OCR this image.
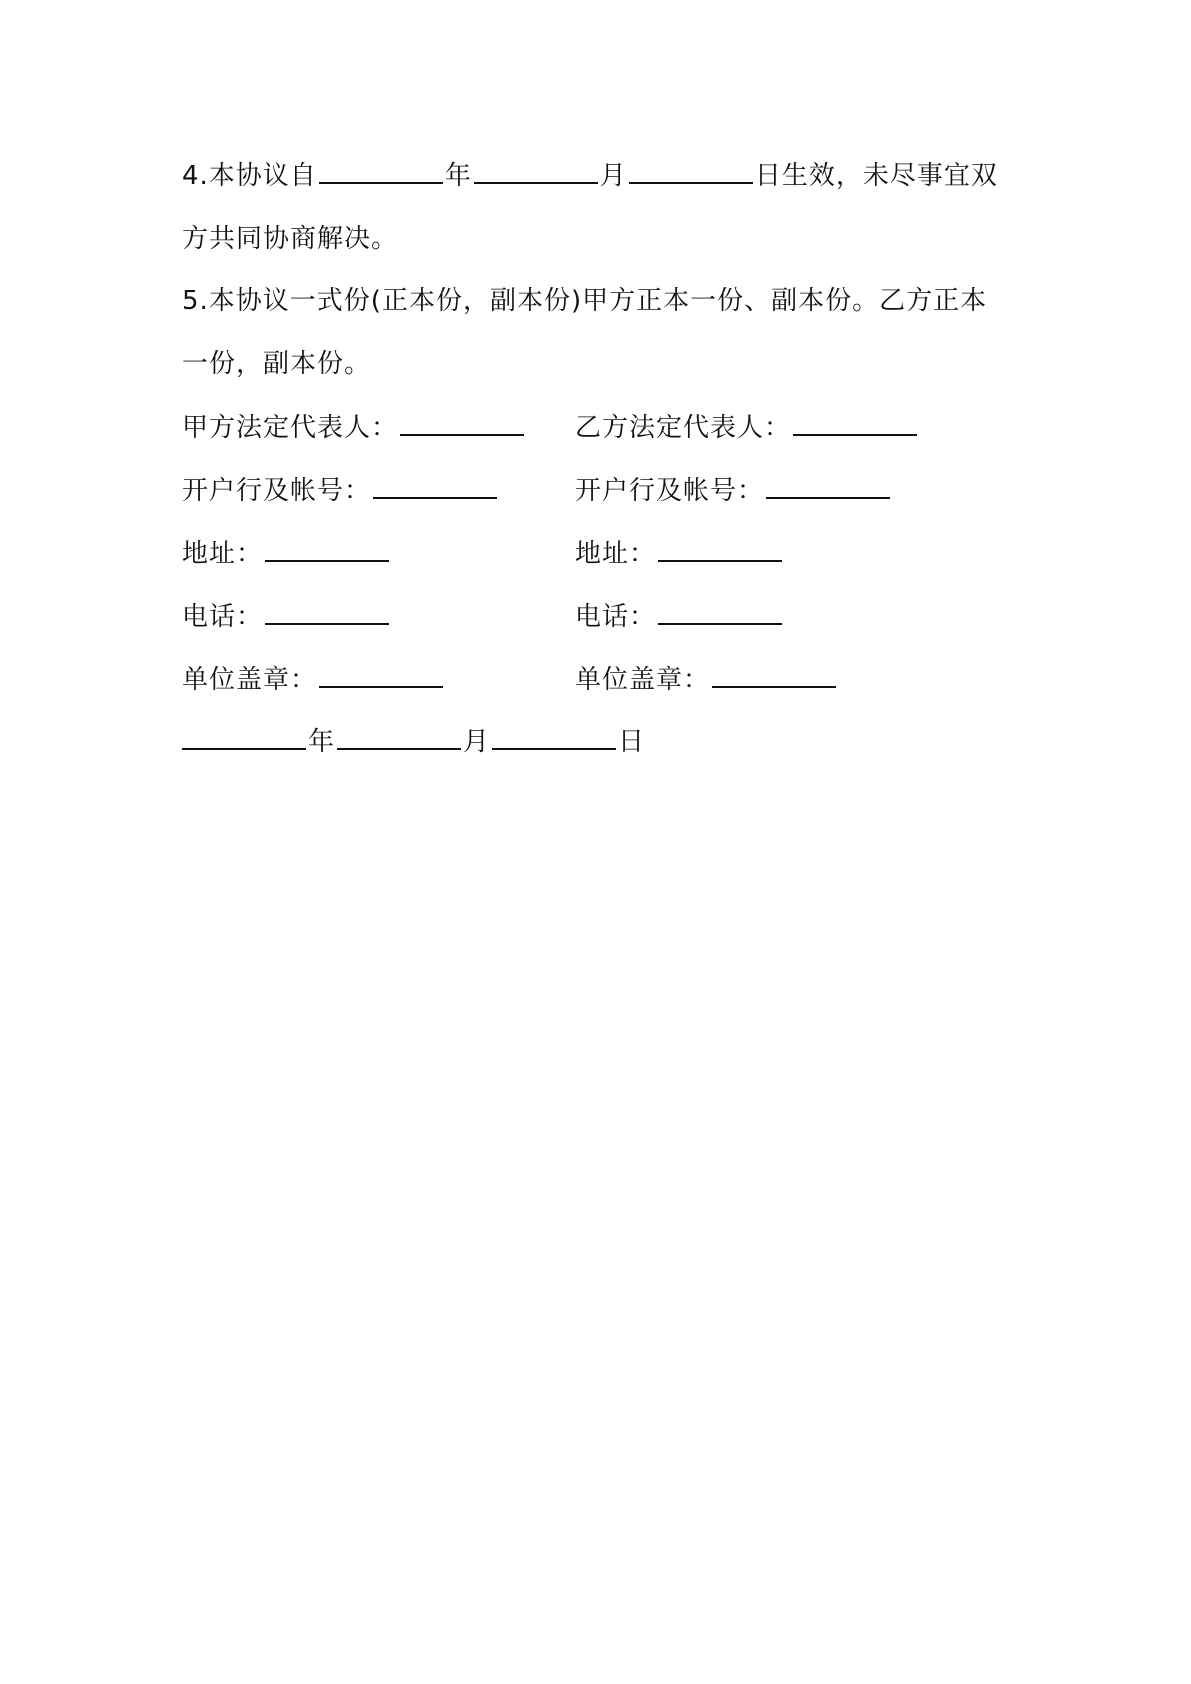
4.本协议自	年	月	日生效，未尽事宜双
方共同协商解决。
5.本协议一式份(正本份，副本份)甲方正本一份、副本份。乙方正本
一份，副本份。
甲方法定代表人：	乙方法定代表人：
开户行及帐号：	开户行及帐号：
地址：	地址：
电话：	电话：
单位盖章：	单位盖章：
年	月	日
